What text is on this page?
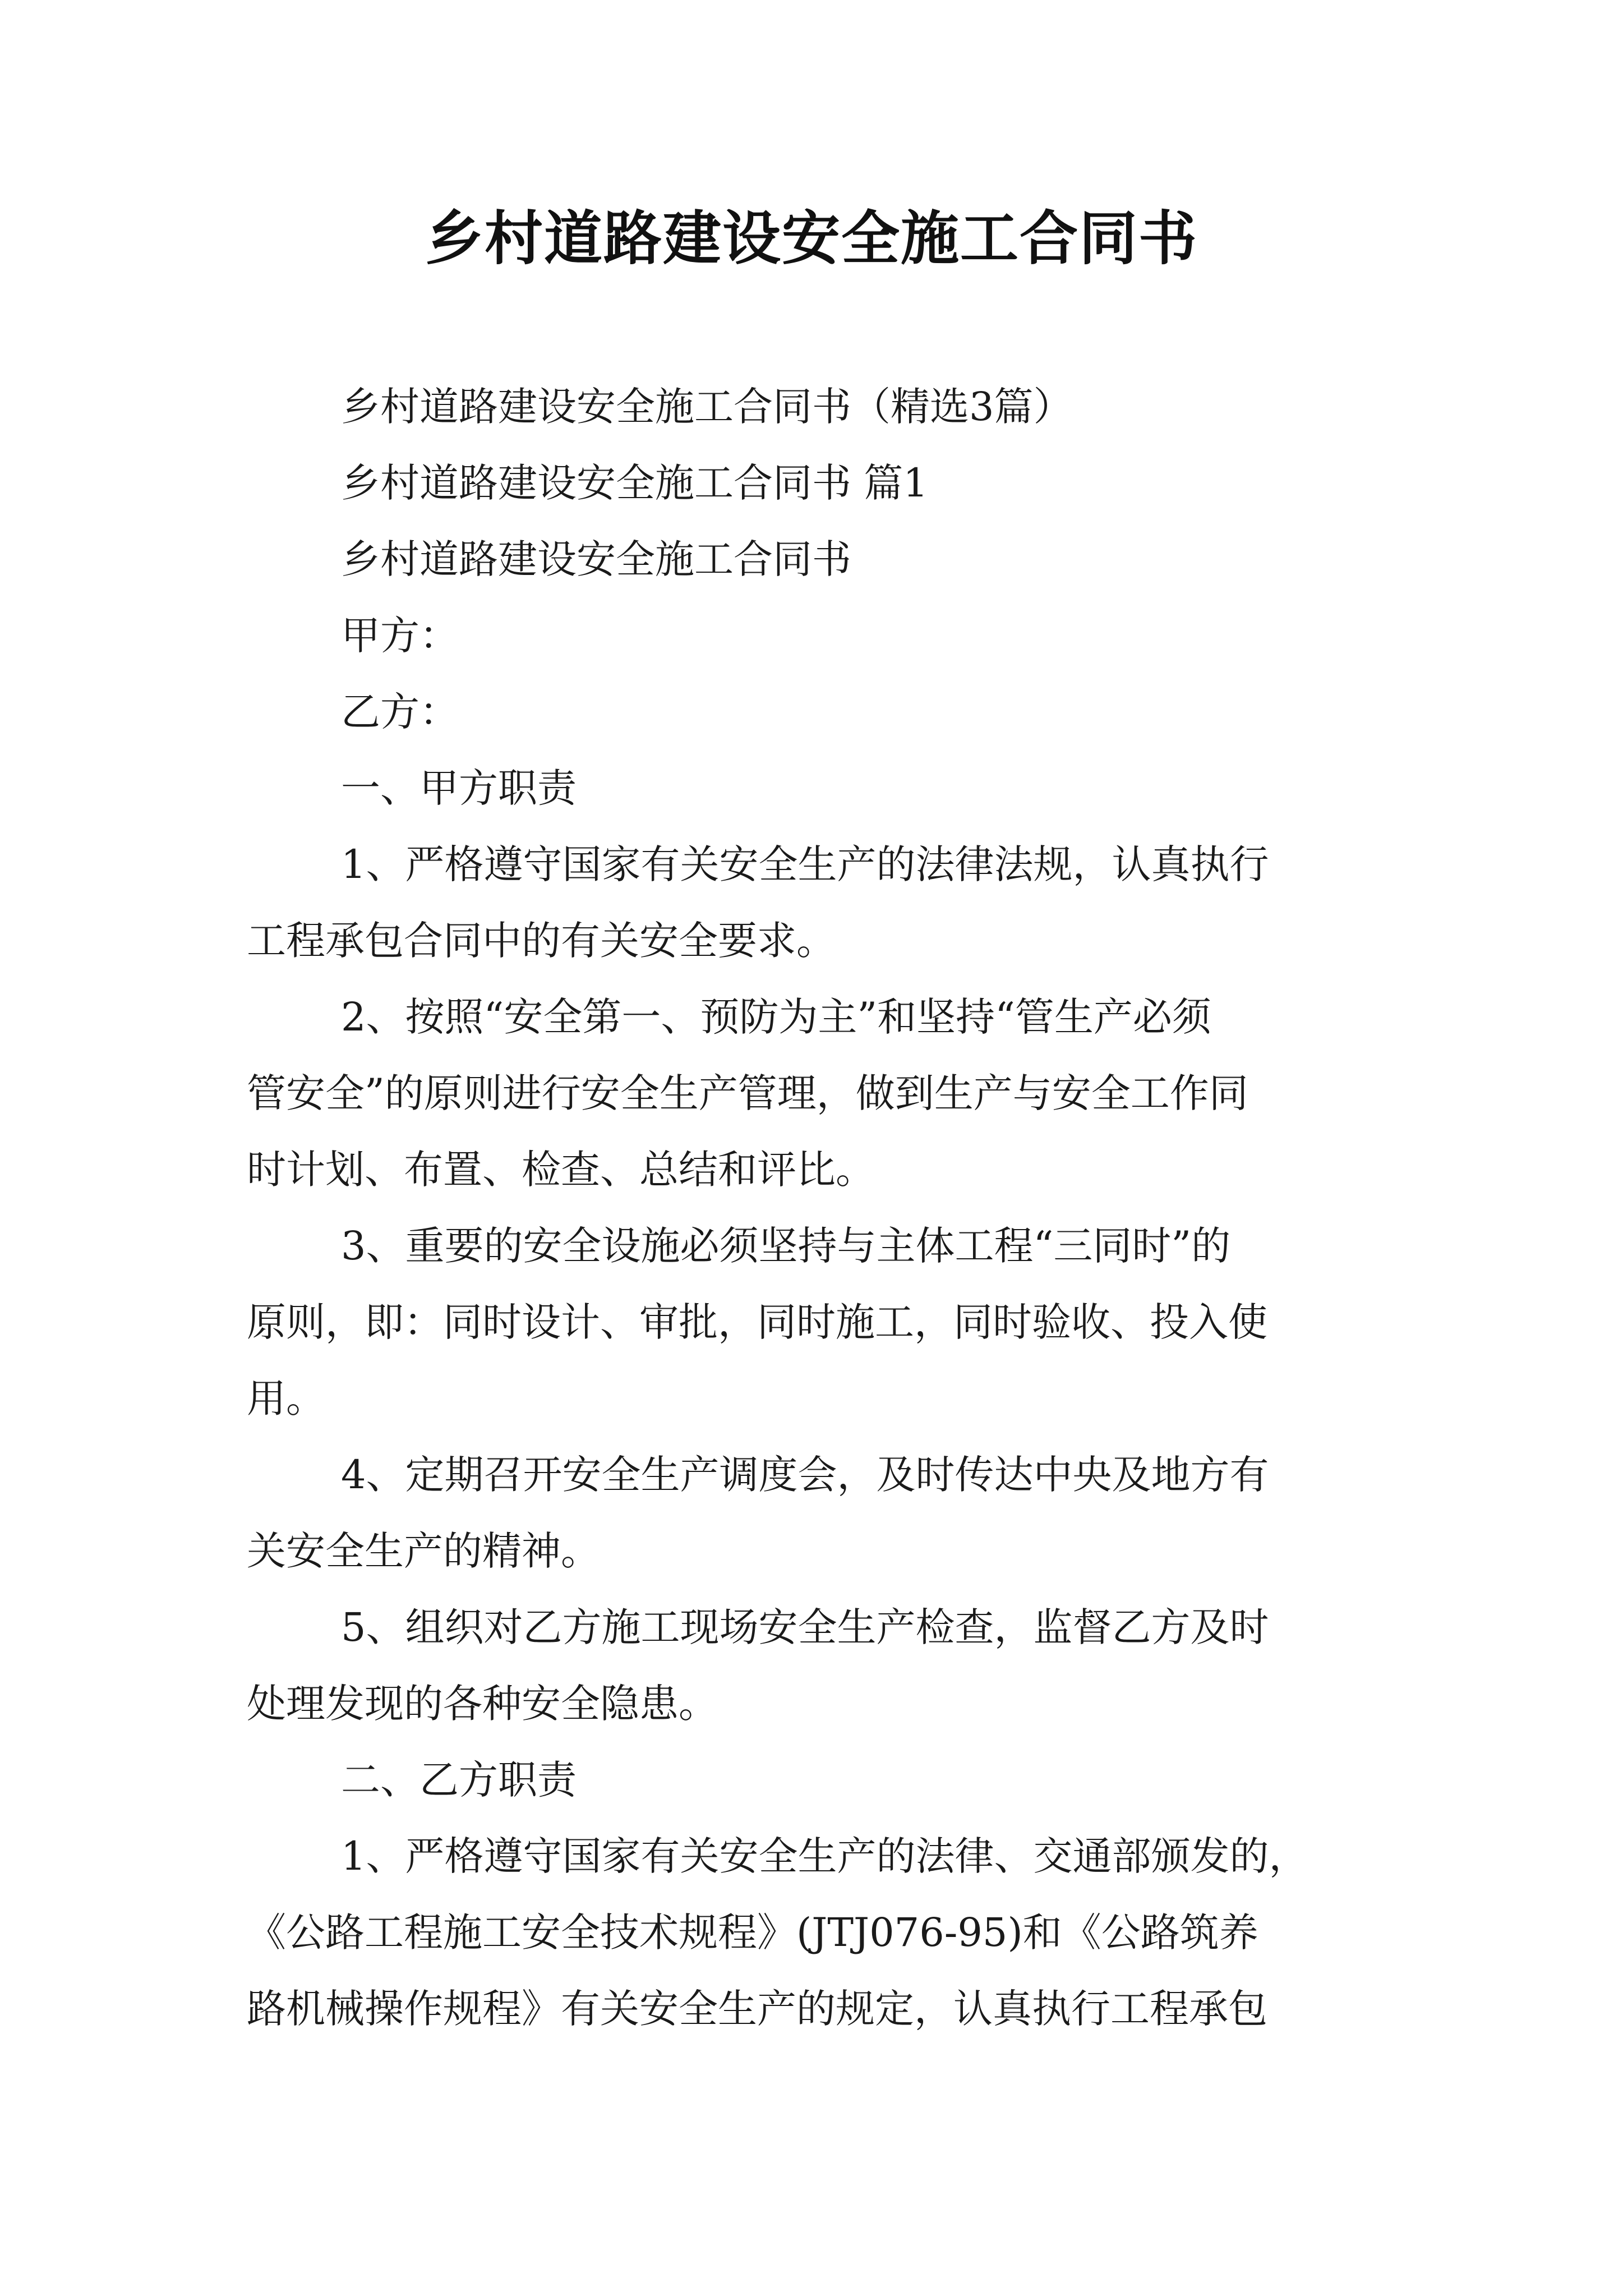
乡村道路建设安全施工合同书

乡村道路建设安全施工合同书（精选3篇）

乡村道路建设安全施工合同书 篇1

乡村道路建设安全施工合同书

甲方：

乙方：

一、甲方职责

1、严格遵守国家有关安全生产的法律法规，认真执行

工程承包合同中的有关安全要求。

2、按照“安全第一、预防为主”和坚持“管生产必须

管安全”的原则进行安全生产管理，做到生产与安全工作同

时计划、布置、检查、总结和评比。

3、重要的安全设施必须坚持与主体工程“三同时”的

原则，即：同时设计、审批，同时施工，同时验收、投入使

用。

4、定期召开安全生产调度会，及时传达中央及地方有

关安全生产的精神。

5、组织对乙方施工现场安全生产检查，监督乙方及时

处理发现的各种安全隐患。

二、乙方职责

1、严格遵守国家有关安全生产的法律、交通部颁发的，

《公路工程施工安全技术规程》(JTJ076-95)和《公路筑养

路机械操作规程》有关安全生产的规定，认真执行工程承包
